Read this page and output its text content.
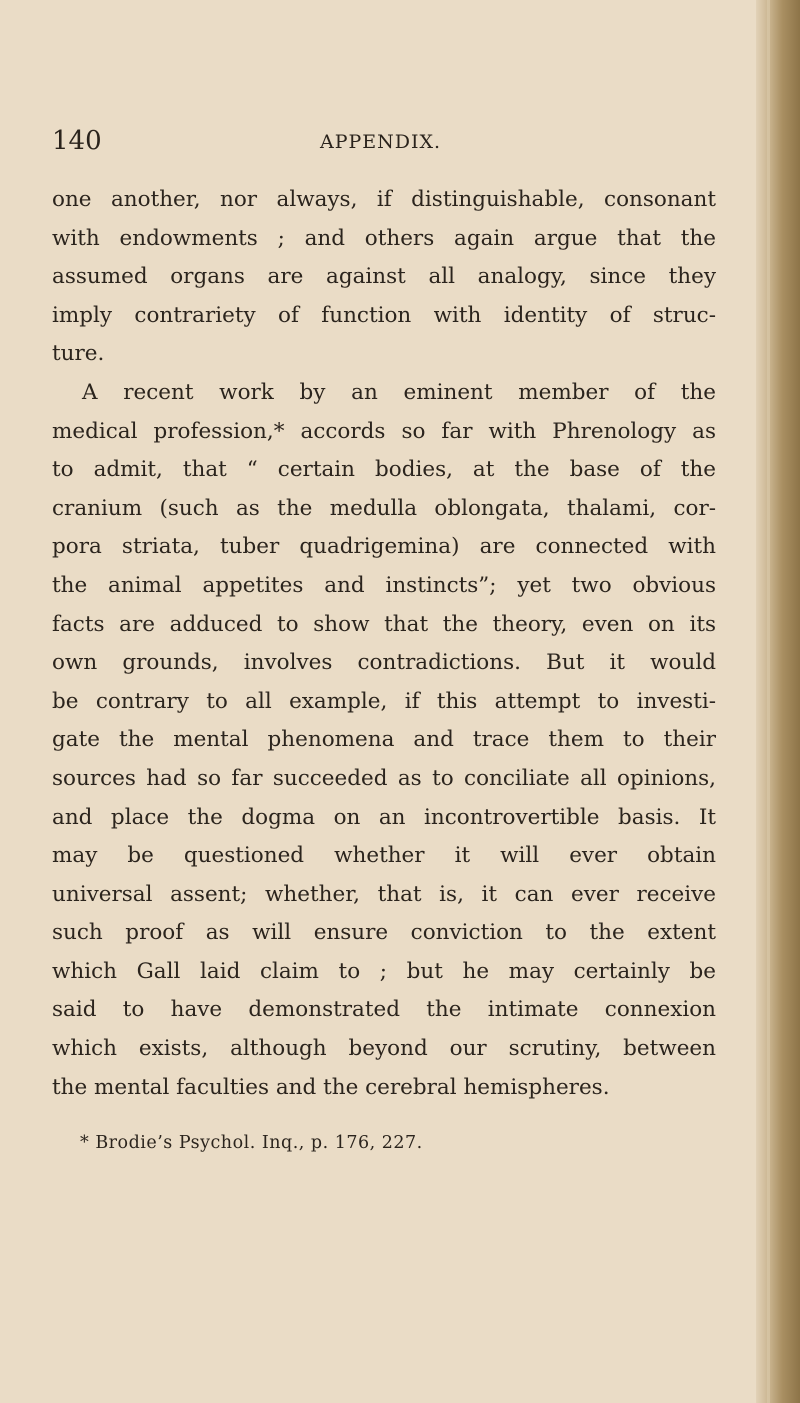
140	APPENDIX.
one another, nor always, if distinguishable, consonant
with endowments ; and others again argue that the
assumed organs are against all analogy, since they
imply contrariety of function with identity of struc-
ture.
A recent work by an eminent member of the
medical profession,* accords so far with Phrenology as
to admit, that “ certain bodies, at the base of the
cranium (such as the medulla oblongata, thalami, cor-
pora striata, tuber quadrigemina) are connected with
the animal appetites and instincts”; yet two obvious
facts are adduced to show that the theory, even on its
own grounds, involves contradictions. But it would
be contrary to all example, if this attempt to investi-
gate the mental phenomena and trace them to their
sources had so far succeeded as to conciliate all opinions,
and place the dogma on an incontrovertible basis. It
may be questioned whether it will ever obtain
universal assent; whether, that is, it can ever receive
such proof as will ensure conviction to the extent
which Gall laid claim to ; but he may certainly be
said to have demonstrated the intimate connexion
which exists, although beyond our scrutiny, between
the mental faculties and the cerebral hemispheres.
* Brodie’s Psychol. Inq., p. 176, 227.
